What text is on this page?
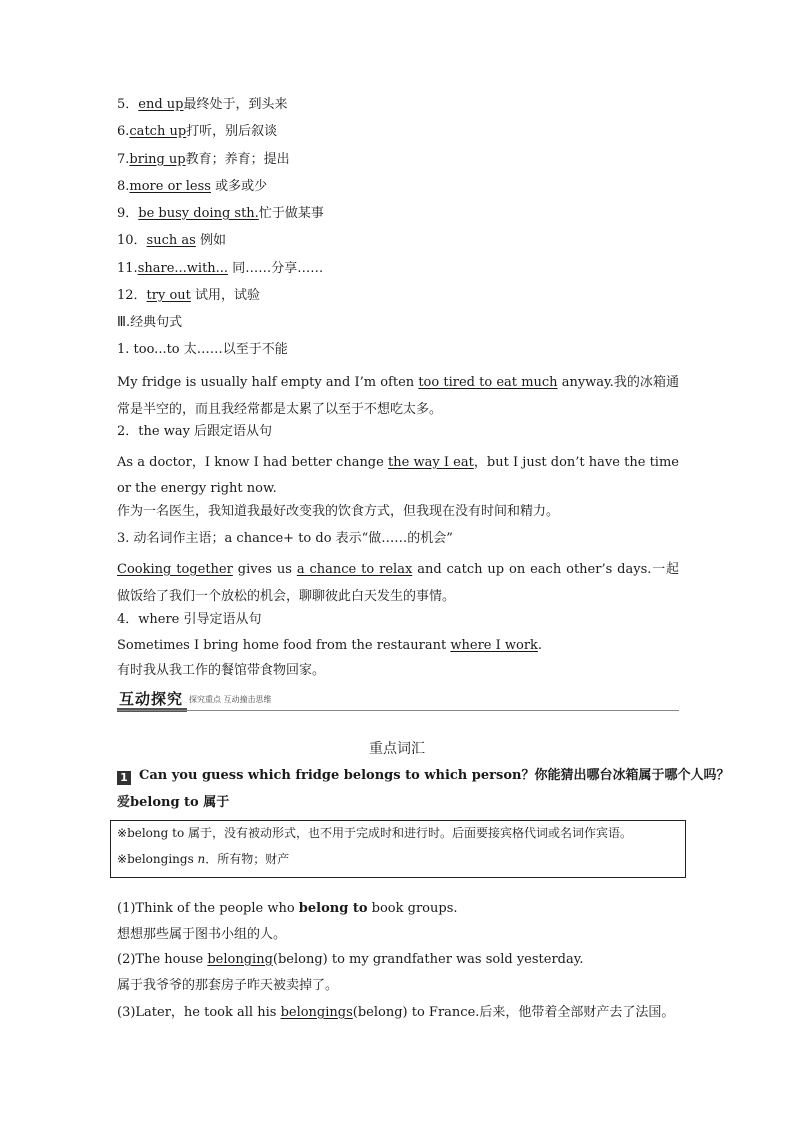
5．end up最终处于，到头来
6.catch up打听，别后叙谈
7.bring up教育；养育；提出
8.more or less 或多或少
9．be busy doing sth.忙于做某事
10．such as 例如
11.share...with... 同……分享……
12．try out 试用，试验
Ⅲ.经典句式
1. too...to 太……以至于不能
My fridge is usually half empty and I’m often too tired to eat much anyway.我的冰箱通常是半空的，而且我经常都是太累了以至于不想吃太多。
2．the way 后跟定语从句
As a doctor，I know I had better change the way I eat，but I just don’t have the time or the energy right now.
作为一名医生，我知道我最好改变我的饮食方式，但我现在没有时间和精力。
3. 动名词作主语；a chance+ to do 表示“做……的机会”
Cooking together gives us a chance to relax and catch up on each other’s days.一起做饭给了我们一个放松的机会，聊聊彼此白天发生的事情。
4．where 引导定语从句
Sometimes I bring home food from the restaurant where I work.
有时我从我工作的餐馆带食物回家。
互动探究 探究重点 互动撞击思维
重点词汇
1 Can you guess which fridge belongs to which person？你能猜出哪台冰箱属于哪个人吗？
爱belong to 属于
※belong to 属于，没有被动形式，也不用于完成时和进行时。后面要接宾格代词或名词作宾语。
※belongings n．所有物；财产
(1)Think of the people who belong to book groups.
想想那些属于图书小组的人。
(2)The house belonging(belong) to my grandfather was sold yesterday.
属于我爷爷的那套房子昨天被卖掉了。
(3)Later，he took all his belongings(belong) to France.后来，他带着全部财产去了法国。
